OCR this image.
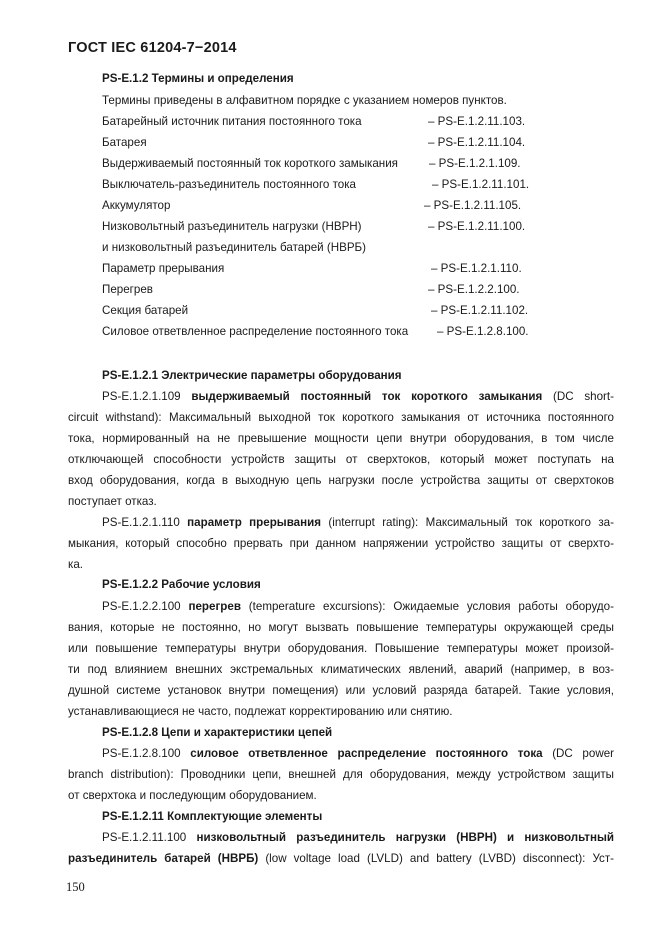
ГОСТ IEC 61204-7−2014
PS-E.1.2 Термины и определения
Термины приведены в алфавитном порядке с указанием номеров пунктов.
Батарейный источник питания постоянного тока	– PS-E.1.2.11.103.
Батарея	– PS-E.1.2.11.104.
Выдерживаемый постоянный ток короткого замыкания	– PS-E.1.2.1.109.
Выключатель-разъединитель постоянного тока	– PS-E.1.2.11.101.
Аккумулятор	– PS-E.1.2.11.105.
Низковольтный разъединитель нагрузки (НВРН)	– PS-E.1.2.11.100.
и низковольтный разъединитель батарей (НВРБ)
Параметр прерывания	– PS-E.1.2.1.110.
Перегрев	– PS-E.1.2.2.100.
Секция батарей	– PS-E.1.2.11.102.
Силовое ответвленное распределение постоянного тока – PS-E.1.2.8.100.
PS-E.1.2.1 Электрические параметры оборудования
PS-E.1.2.1.109 выдерживаемый постоянный ток короткого замыкания (DC short-
circuit withstand): Максимальный выходной ток короткого замыкания от источника постоянного
тока, нормированный на не превышение мощности цепи внутри оборудования, в том числе
отключающей способности устройств защиты от сверхтоков, который может поступать на
вход оборудования, когда в выходную цепь нагрузки после устройства защиты от сверхтоков
поступает отказ.
PS-E.1.2.1.110 параметр прерывания (interrupt rating): Максимальный ток короткого за-
мыкания, который способно прервать при данном напряжении устройство защиты от сверхто-
ка.
PS-E.1.2.2 Рабочие условия
PS-E.1.2.2.100 перегрев (temperature excursions): Ожидаемые условия работы оборудо-
вания, которые не постоянно, но могут вызвать повышение температуры окружающей среды
или повышение температуры внутри оборудования. Повышение температуры может произой-
ти под влиянием внешних экстремальных климатических явлений, аварий (например, в воз-
душной системе установок внутри помещения) или условий разряда батарей. Такие условия,
устанавливающиеся не часто, подлежат корректированию или снятию.
PS-E.1.2.8 Цепи и характеристики цепей
PS-E.1.2.8.100 силовое ответвленное распределение постоянного тока (DC power
branch distribution): Проводники цепи, внешней для оборудования, между устройством защиты
от сверхтока и последующим оборудованием.
PS-E.1.2.11 Комплектующие элементы
PS-E.1.2.11.100 низковольтный разъединитель нагрузки (НВРН) и низковольтный
разъединитель батарей (НВРБ) (low voltage load (LVLD) and battery (LVBD) disconnect): Уст-
150
